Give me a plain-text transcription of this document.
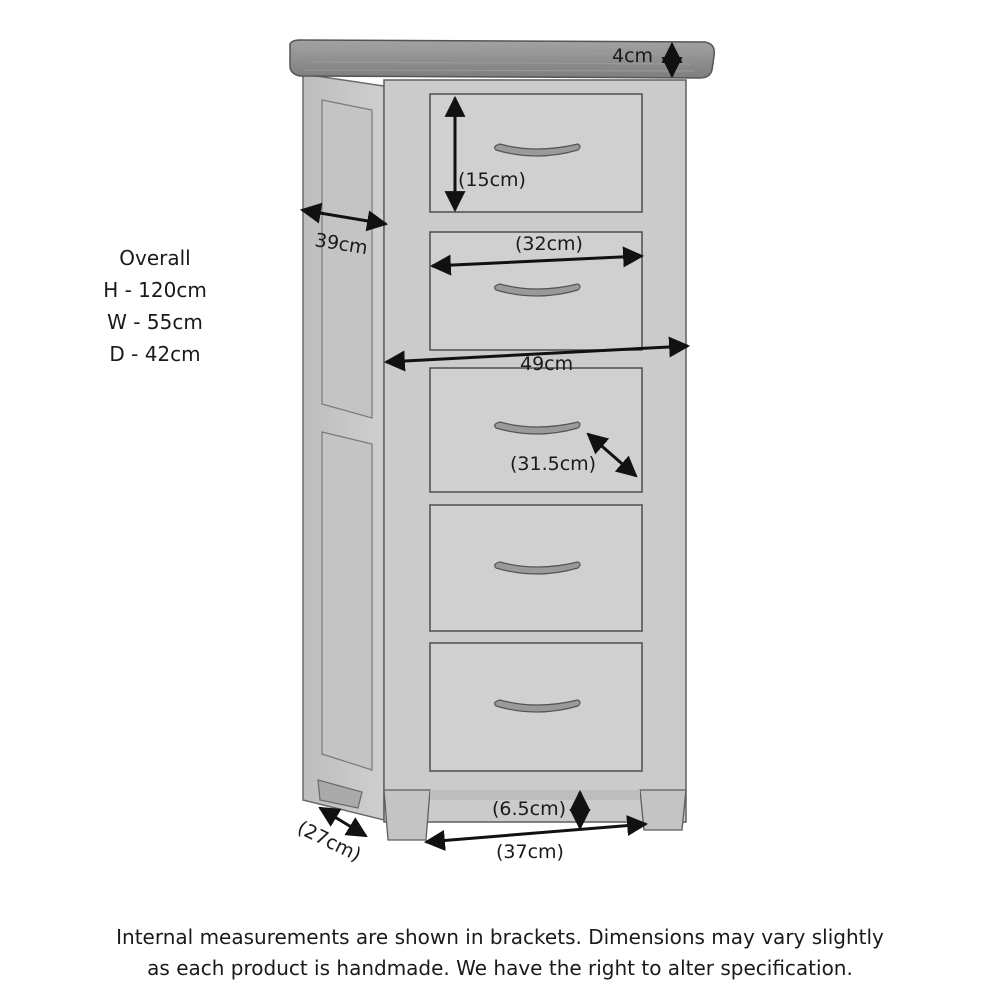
4cm
(15cm)
39cm	(32cm)
49cm
(31.5cm)
(6.5cm)
(27cm)	(37cm)
Overall
H - 120cm
W - 55cm
D - 42cm
Internal measurements are shown in brackets. Dimensions may vary slightly
as each product is handmade. We have the right to alter specification.
